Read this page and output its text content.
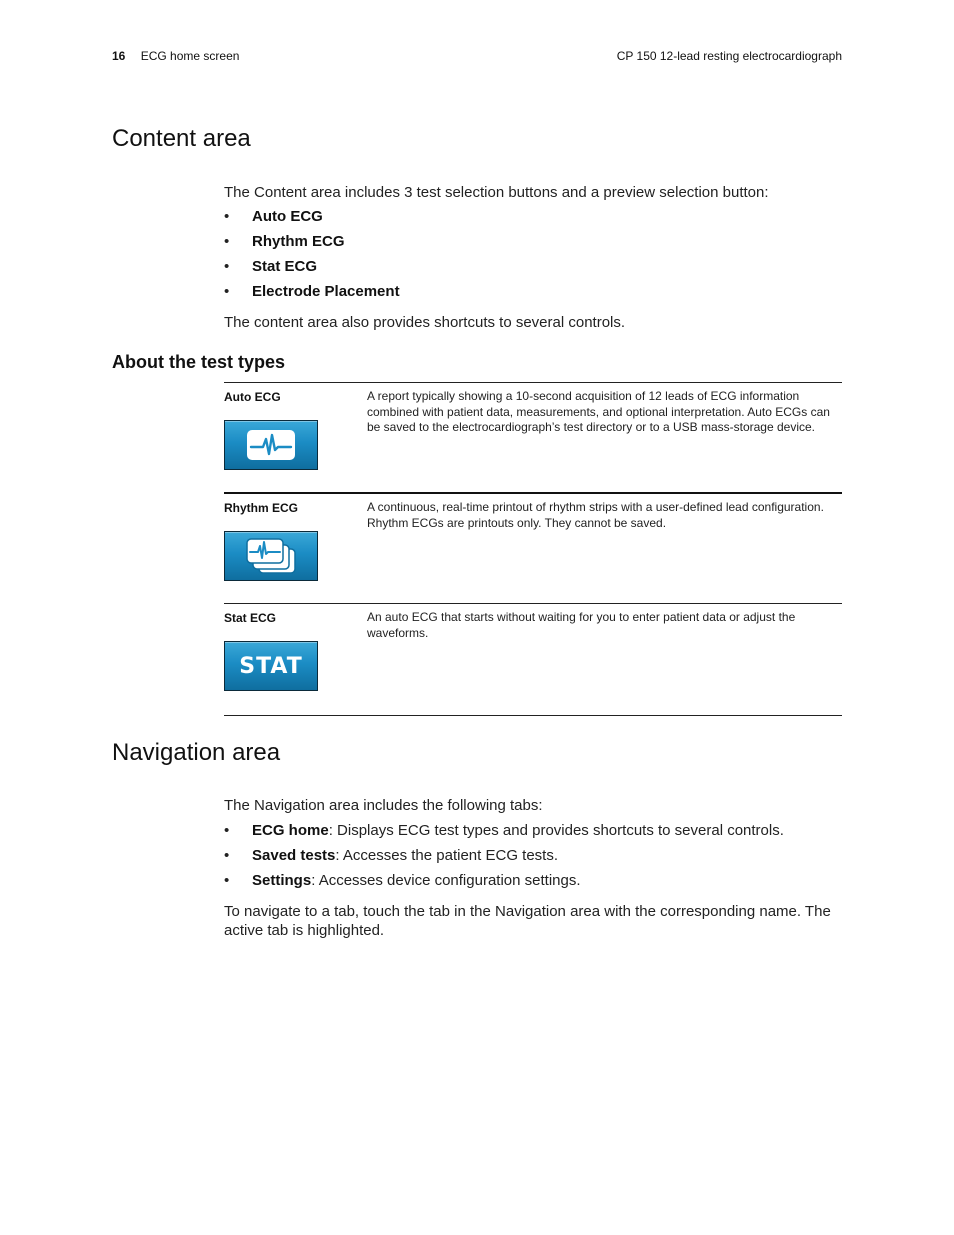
16 ECG home screen	CP 150 12-lead resting electrocardiograph
Content area

The Content area includes 3 test selection buttons and a preview selection button:

• Auto ECG
• Rhythm ECG
• Stat ECG
• Electrode Placement

The content area also provides shortcuts to several controls.

About the test types
Auto ECG	A report typically showing a 10-second acquisition of 12 leads of ECG information combined with patient data, measurements, and optional interpretation. Auto ECGs can be saved to the electrocardiograph’s test directory or to a USB mass-storage device.
Rhythm ECG	A continuous, real-time printout of rhythm strips with a user-defined lead configuration. Rhythm ECGs are printouts only. They cannot be saved.
Stat ECG	An auto ECG that starts without waiting for you to enter patient data or adjust the waveforms.
STAT
Navigation area

The Navigation area includes the following tabs:

• ECG home: Displays ECG test types and provides shortcuts to several controls.
• Saved tests: Accesses the patient ECG tests.
• Settings: Accesses device configuration settings.

To navigate to a tab, touch the tab in the Navigation area with the corresponding name. The active tab is highlighted.
